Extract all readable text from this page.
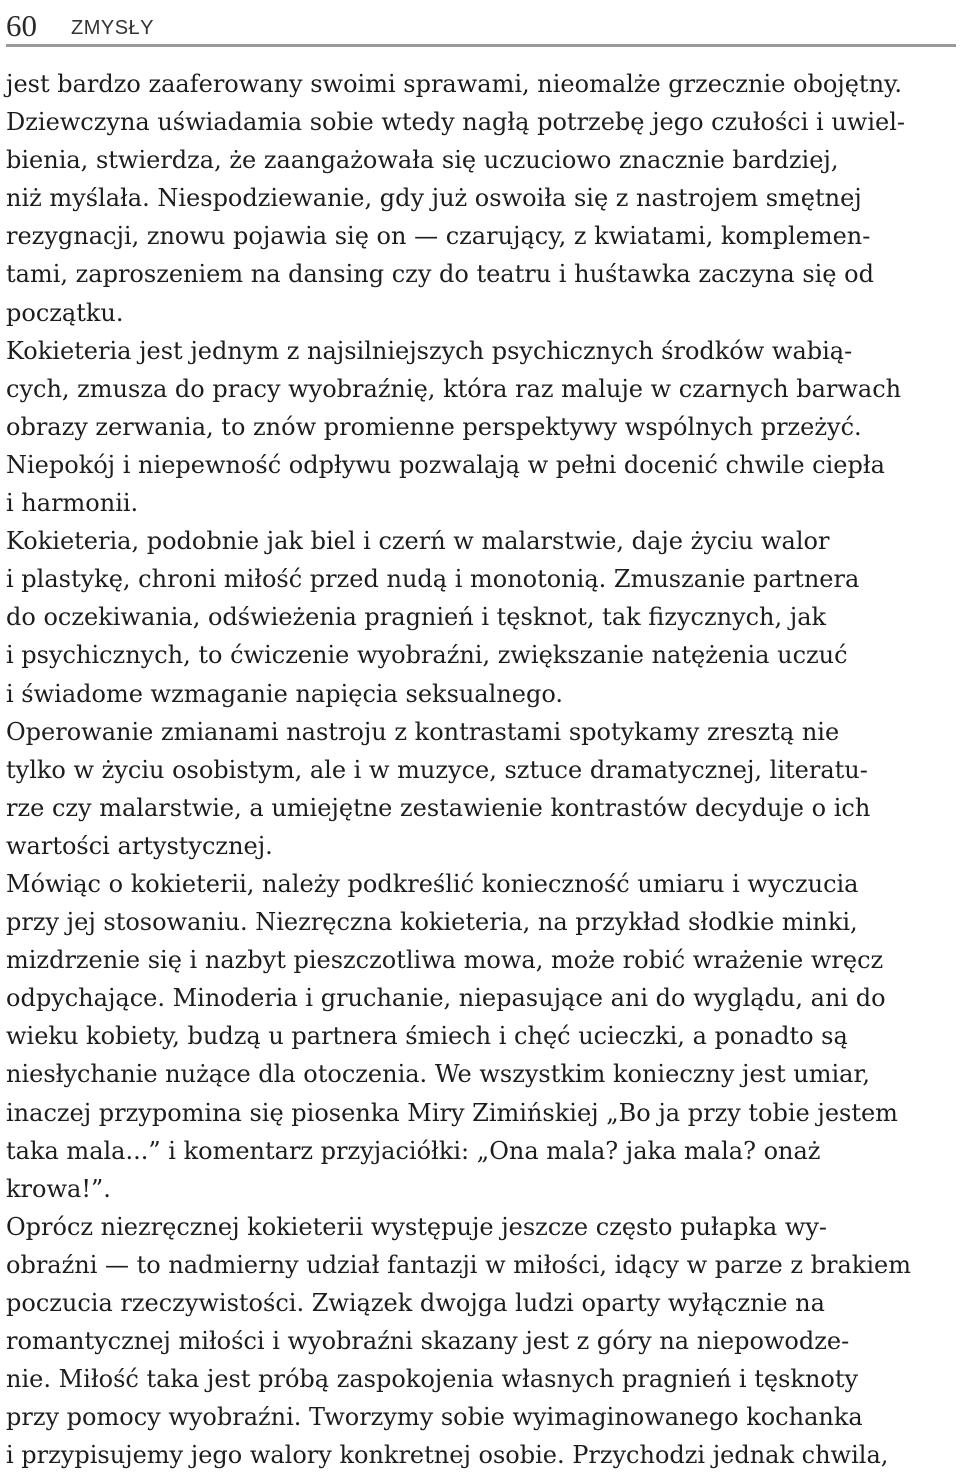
60 ZMYSŁY

jest bardzo zaaferowany swoimi sprawami, nieomalże grzecznie obojętny.
Dziewczyna uświadamia sobie wtedy nagłą potrzebę jego czułości i uwiel-
bienia, stwierdza, że zaangażowała się uczuciowo znacznie bardziej,
niż myślała. Niespodziewanie, gdy już oswoiła się z nastrojem smętnej
rezygnacji, znowu pojawia się on — czarujący, z kwiatami, komplemen-
tami, zaproszeniem na dansing czy do teatru i huśtawka zaczyna się od
początku.

Kokieteria jest jednym z najsilniejszych psychicznych środków wabią-
cych, zmusza do pracy wyobraźnię, która raz maluje w czarnych barwach
obrazy zerwania, to znów promienne perspektywy wspólnych przeżyć.
Niepokój i niepewność odpływu pozwalają w pełni docenić chwile ciepła
i harmonii.

Kokieteria, podobnie jak biel i czerń w malarstwie, daje życiu walor
i plastykę, chroni miłość przed nudą i monotonią. Zmuszanie partnera
do oczekiwania, odświeżenia pragnień i tęsknot, tak fizycznych, jak
i psychicznych, to ćwiczenie wyobraźni, zwiększanie natężenia uczuć
i świadome wzmaganie napięcia seksualnego.

Operowanie zmianami nastroju z kontrastami spotykamy zresztą nie
tylko w życiu osobistym, ale i w muzyce, sztuce dramatycznej, literatu-
rze czy malarstwie, a umiejętne zestawienie kontrastów decyduje o ich
wartości artystycznej.

Mówiąc o kokieterii, należy podkreślić konieczność umiaru i wyczucia
przy jej stosowaniu. Niezręczna kokieteria, na przykład słodkie minki,
mizdrzenie się i nazbyt pieszczotliwa mowa, może robić wrażenie wręcz
odpychające. Minoderia i gruchanie, niepasujące ani do wyglądu, ani do
wieku kobiety, budzą u partnera śmiech i chęć ucieczki, a ponadto są
niesłychanie nużące dla otoczenia. We wszystkim konieczny jest umiar,
inaczej przypomina się piosenka Miry Zimińskiej „Bo ja przy tobie jestem
taka mala...” i komentarz przyjaciółki: „Ona mala? jaka mala? onaż
krowa!”.

Oprócz niezręcznej kokieterii występuje jeszcze często pułapka wy-
obraźni — to nadmierny udział fantazji w miłości, idący w parze z brakiem
poczucia rzeczywistości. Związek dwojga ludzi oparty wyłącznie na
romantycznej miłości i wyobraźni skazany jest z góry na niepowodze-
nie. Miłość taka jest próbą zaspokojenia własnych pragnień i tęsknoty
przy pomocy wyobraźni. Tworzymy sobie wyimaginowanego kochanka
i przypisujemy jego walory konkretnej osobie. Przychodzi jednak chwila,
